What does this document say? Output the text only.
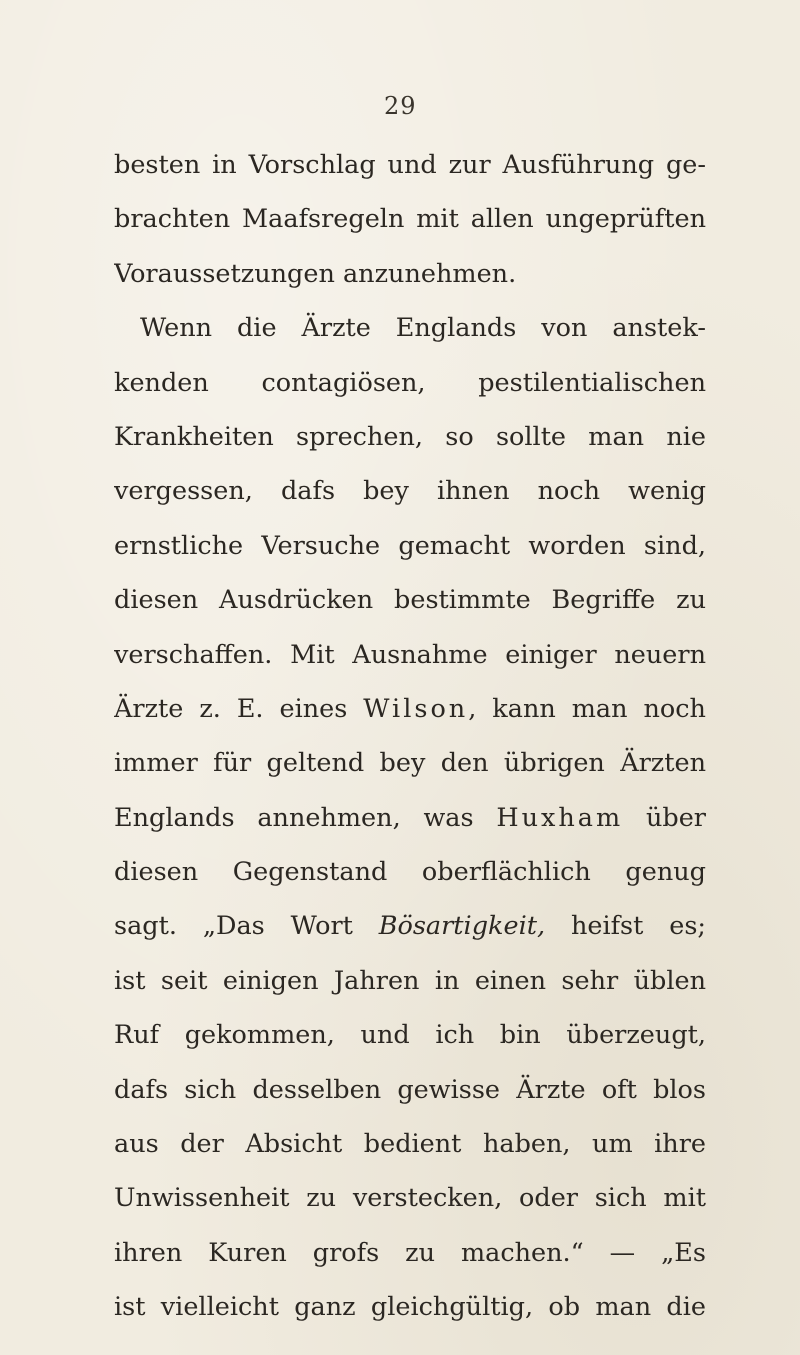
29
besten in Vorschlag und zur Ausführung ge-
brachten Maafsregeln mit allen ungeprüften
Voraussetzungen anzunehmen.
Wenn die Ärzte Englands von anstek-
kenden contagiösen, pestilentialischen
Krankheiten sprechen, so sollte man nie
vergessen, dafs bey ihnen noch wenig
ernstliche Versuche gemacht worden sind,
diesen Ausdrücken bestimmte Begriffe zu
verschaffen. Mit Ausnahme einiger neuern
Ärzte z. E. eines Wilson, kann man noch
immer für geltend bey den übrigen Ärzten
Englands annehmen, was Huxham über
diesen Gegenstand oberflächlich genug
sagt. „Das Wort Bösartigkeit, heifst es;
ist seit einigen Jahren in einen sehr üblen
Ruf gekommen, und ich bin überzeugt,
dafs sich desselben gewisse Ärzte oft blos
aus der Absicht bedient haben, um ihre
Unwissenheit zu verstecken, oder sich mit
ihren Kuren grofs zu machen.“ — „Es
ist vielleicht ganz gleichgültig, ob man die
